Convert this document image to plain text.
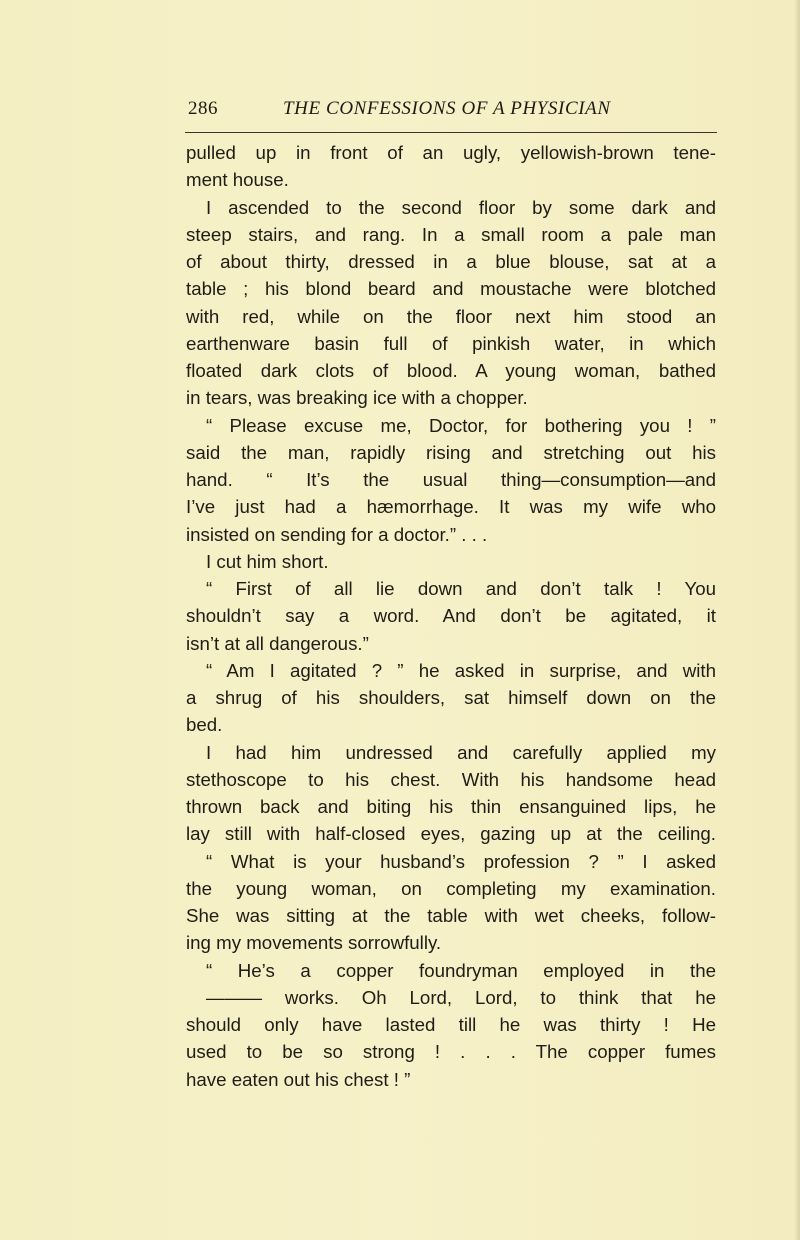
286	THE CONFESSIONS OF A PHYSICIAN
pulled up in front of an ugly, yellowish-brown tene-
ment house.
I ascended to the second floor by some dark and
steep stairs, and rang. In a small room a pale man
of about thirty, dressed in a blue blouse, sat at a
table ; his blond beard and moustache were blotched
with red, while on the floor next him stood an
earthenware basin full of pinkish water, in which
floated dark clots of blood. A young woman, bathed
in tears, was breaking ice with a chopper.
“ Please excuse me, Doctor, for bothering you ! ”
said the man, rapidly rising and stretching out his
hand. “ It’s the usual thing—consumption—and
I’ve just had a hæmorrhage. It was my wife who
insisted on sending for a doctor.” . . .
I cut him short.
“ First of all lie down and don’t talk ! You
shouldn’t say a word. And don’t be agitated, it
isn’t at all dangerous.”
“ Am I agitated ? ” he asked in surprise, and with
a shrug of his shoulders, sat himself down on the
bed.
I had him undressed and carefully applied my
stethoscope to his chest. With his handsome head
thrown back and biting his thin ensanguined lips, he
lay still with half-closed eyes, gazing up at the ceiling.
“ What is your husband’s profession ? ” I asked
the young woman, on completing my examination.
She was sitting at the table with wet cheeks, follow-
ing my movements sorrowfully.
“ He’s a copper foundryman employed in the
——— works. Oh Lord, Lord, to think that he
should only have lasted till he was thirty ! He
used to be so strong ! . . . The copper fumes
have eaten out his chest ! ”
